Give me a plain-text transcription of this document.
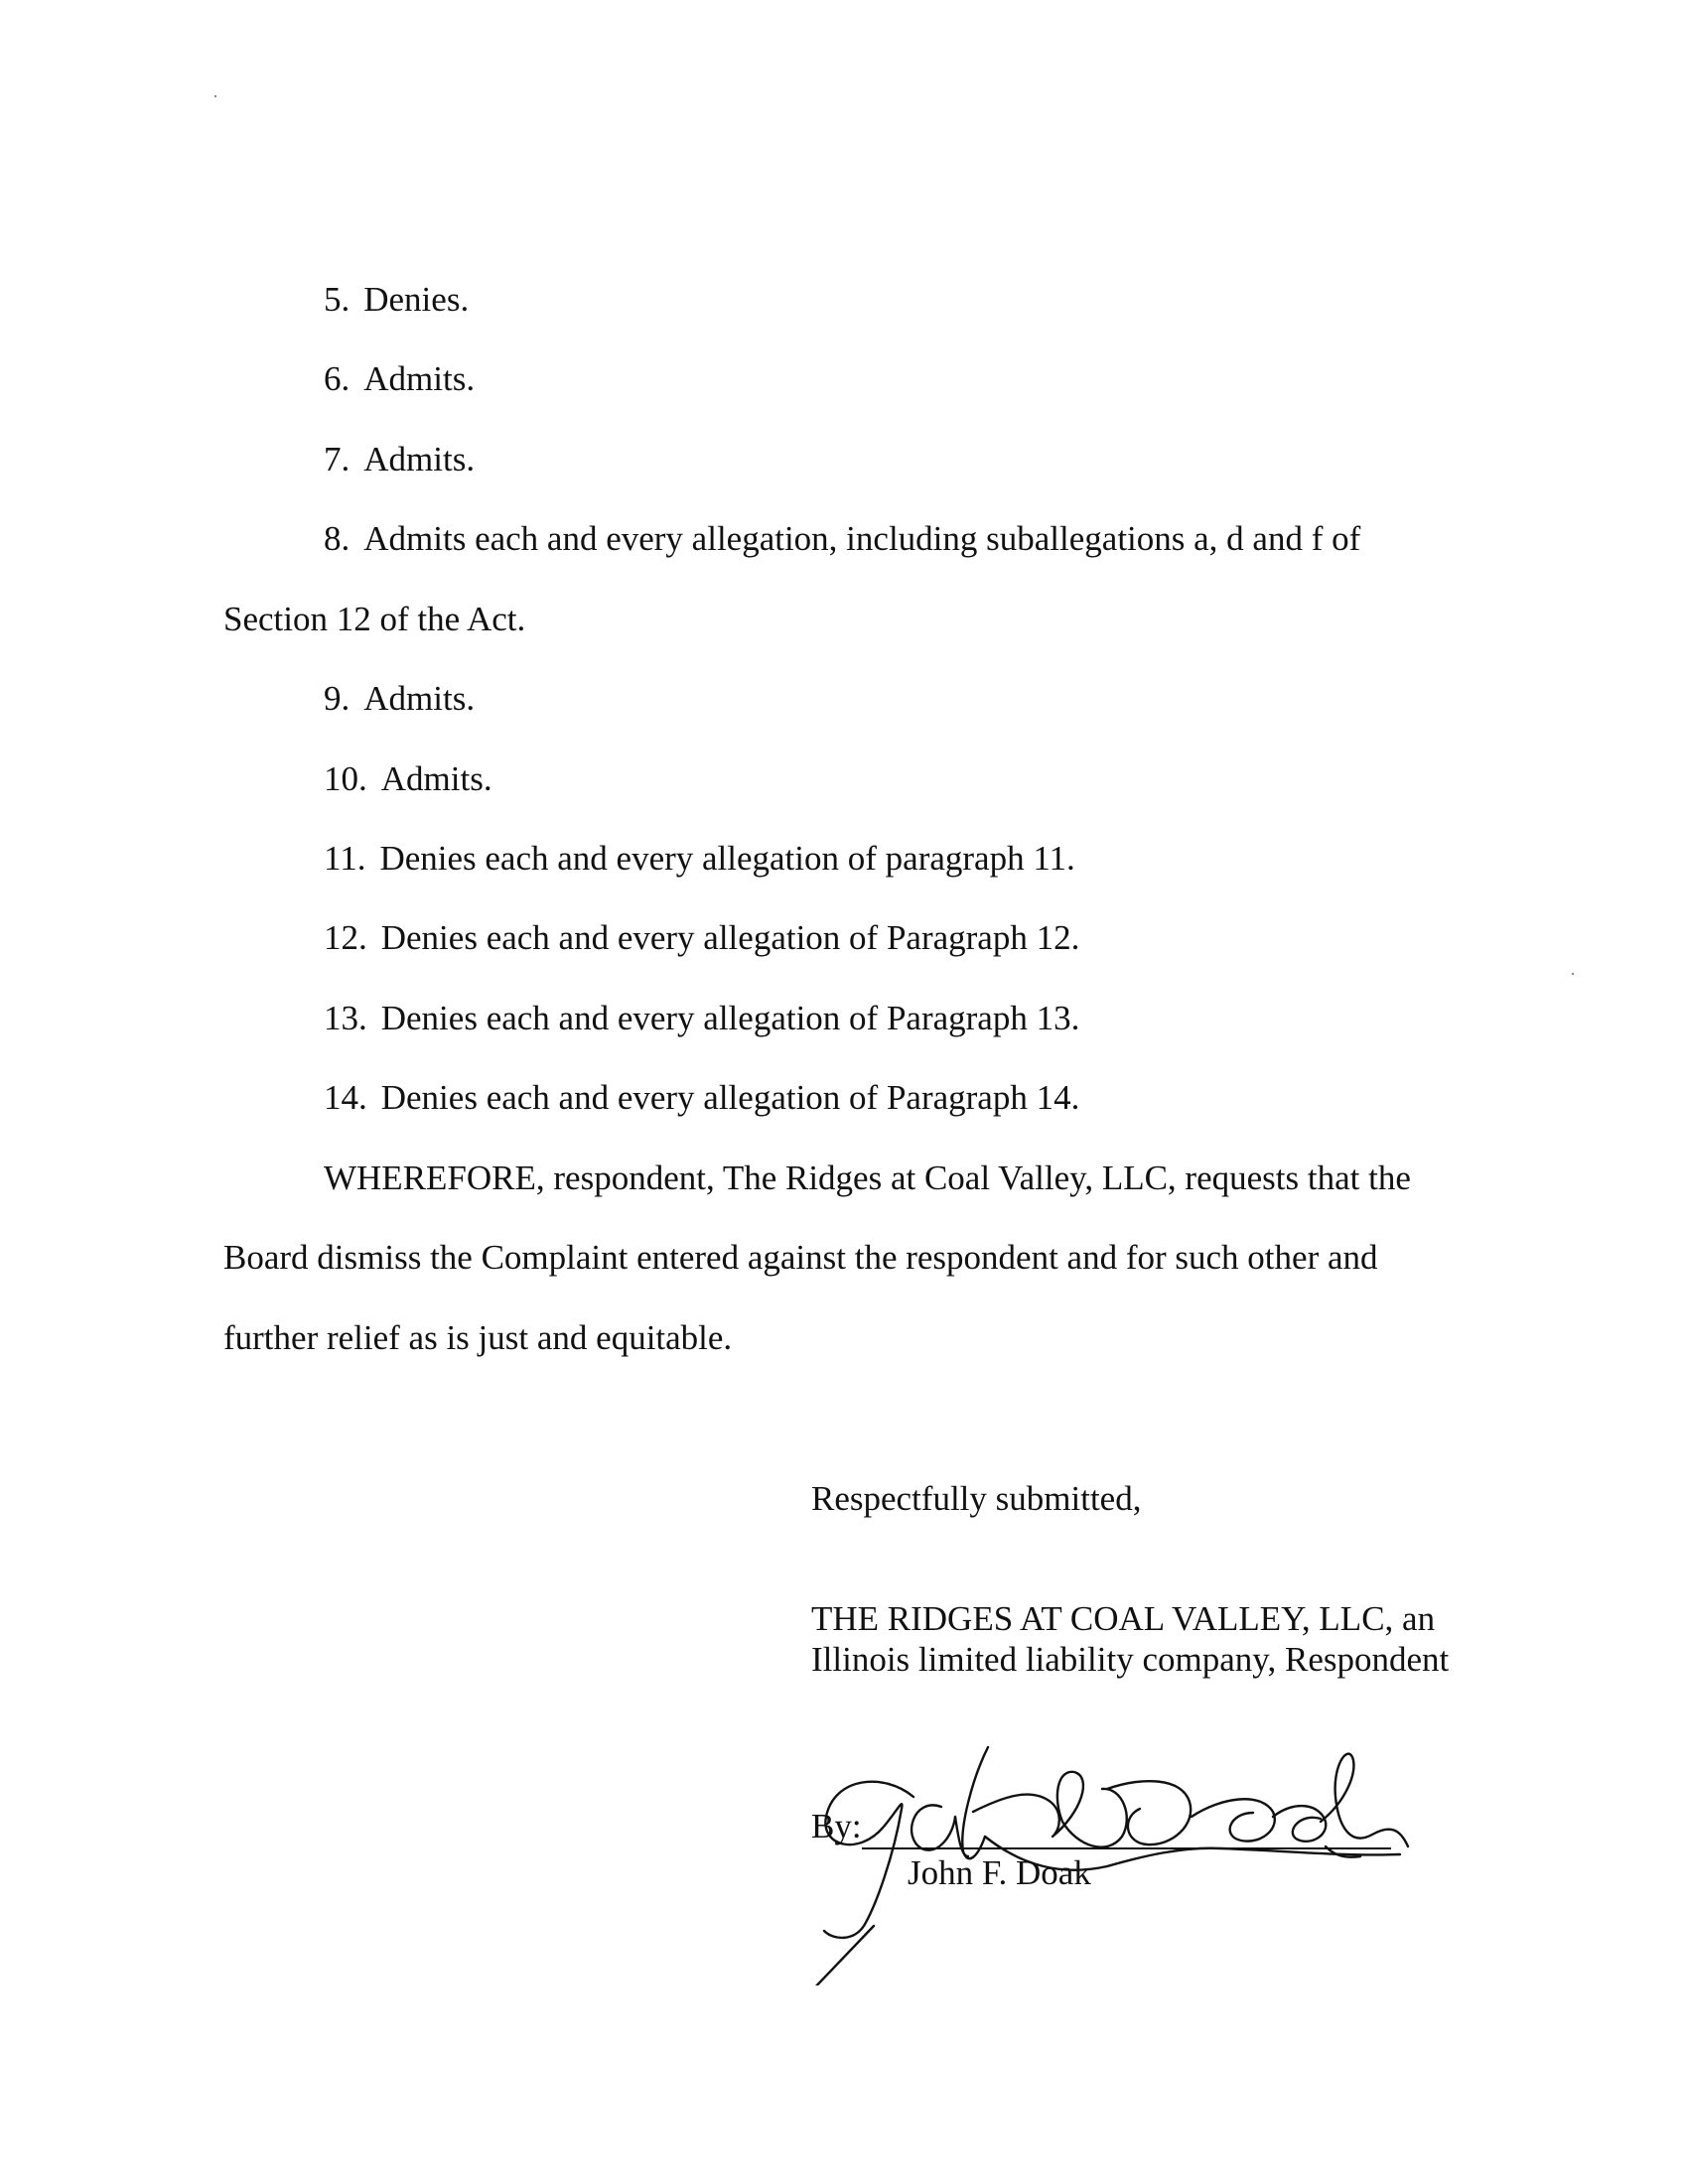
5. Denies.
6. Admits.
7. Admits.
8. Admits each and every allegation, including suballegations a, d and f of
Section 12 of the Act.
9. Admits.
10. Admits.
11. Denies each and every allegation of paragraph 11.
12. Denies each and every allegation of Paragraph 12.
13. Denies each and every allegation of Paragraph 13.
14. Denies each and every allegation of Paragraph 14.
WHEREFORE, respondent, The Ridges at Coal Valley, LLC, requests that the
Board dismiss the Complaint entered against the respondent and for such other and
further relief as is just and equitable.
Respectfully submitted,
THE RIDGES AT COAL VALLEY, LLC, an
Illinois limited liability company, Respondent
By:
John F. Doak
